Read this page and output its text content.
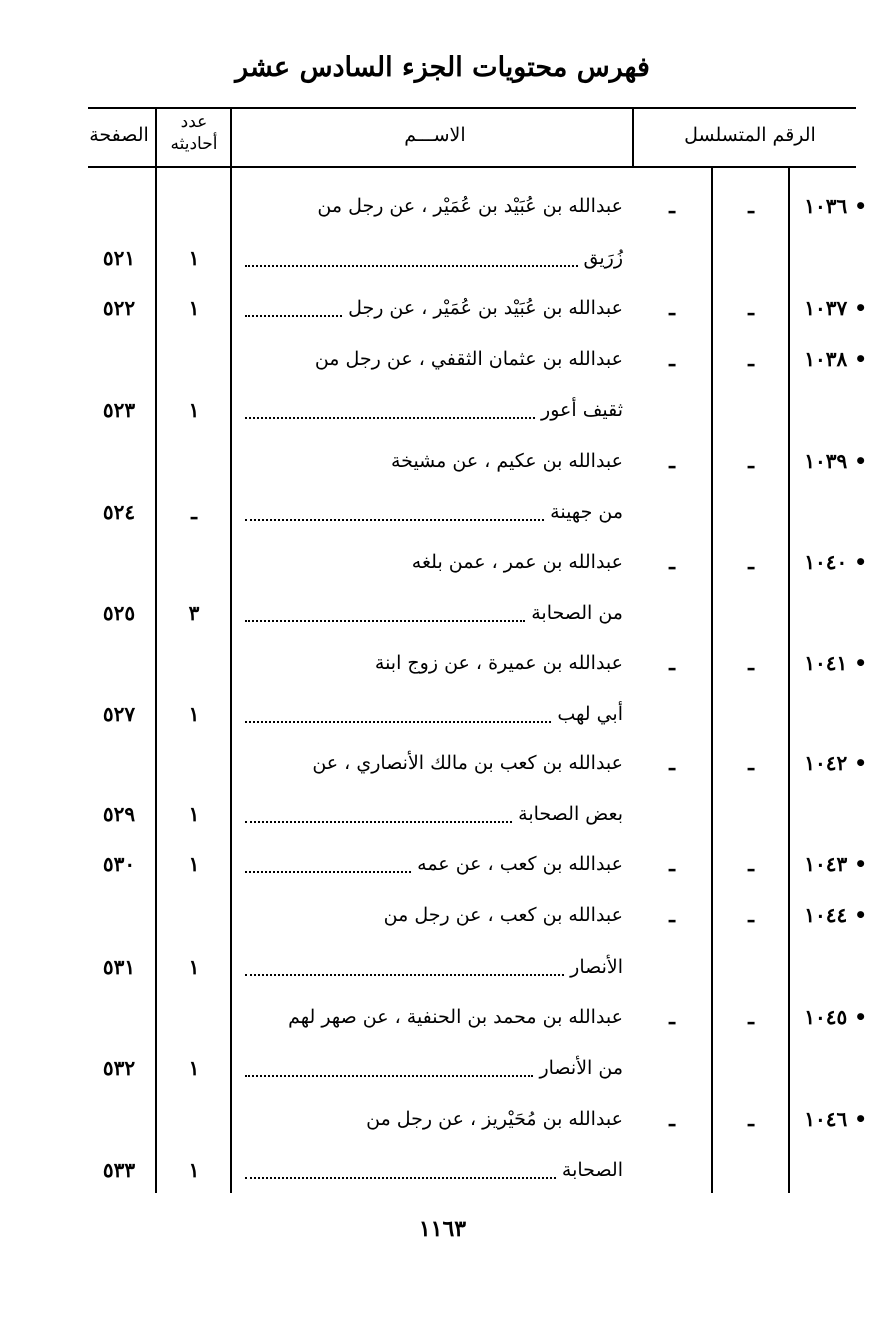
فهرس محتويات الجزء السادس عشر
الرقم المتسلسل
الاســـم
عدد
أحاديثه
الصفحة
١٠٣٦ •
ـ
ـ
عبدالله بن عُبَيْد بن عُمَيْر ، عن رجل من
زُرَيق
١
٥٢١
١٠٣٧ •
ـ
ـ
عبدالله بن عُبَيْد بن عُمَيْر ، عن رجل
١
٥٢٢
١٠٣٨ •
ـ
ـ
عبدالله بن عثمان الثقفي ، عن رجل من
ثقيف أعور
١
٥٢٣
١٠٣٩ •
ـ
ـ
عبدالله بن عكيم ، عن مشيخة
من جهينة
ـ
٥٢٤
١٠٤٠ •
ـ
ـ
عبدالله بن عمر ، عمن بلغه
من الصحابة
٣
٥٢٥
١٠٤١ •
ـ
ـ
عبدالله بن عميرة ، عن زوج ابنة
أبي لهب
١
٥٢٧
١٠٤٢ •
ـ
ـ
عبدالله بن كعب بن مالك الأنصاري ، عن
بعض الصحابة
١
٥٢٩
١٠٤٣ •
ـ
ـ
عبدالله بن كعب ، عن عمه
١
٥٣٠
١٠٤٤ •
ـ
ـ
عبدالله بن كعب ، عن رجل من
الأنصار
١
٥٣١
١٠٤٥ •
ـ
ـ
عبدالله بن محمد بن الحنفية ، عن صهر لهم
من الأنصار
١
٥٣٢
١٠٤٦ •
ـ
ـ
عبدالله بن مُحَيْريز ، عن رجل من
الصحابة
١
٥٣٣
١١٦٣
